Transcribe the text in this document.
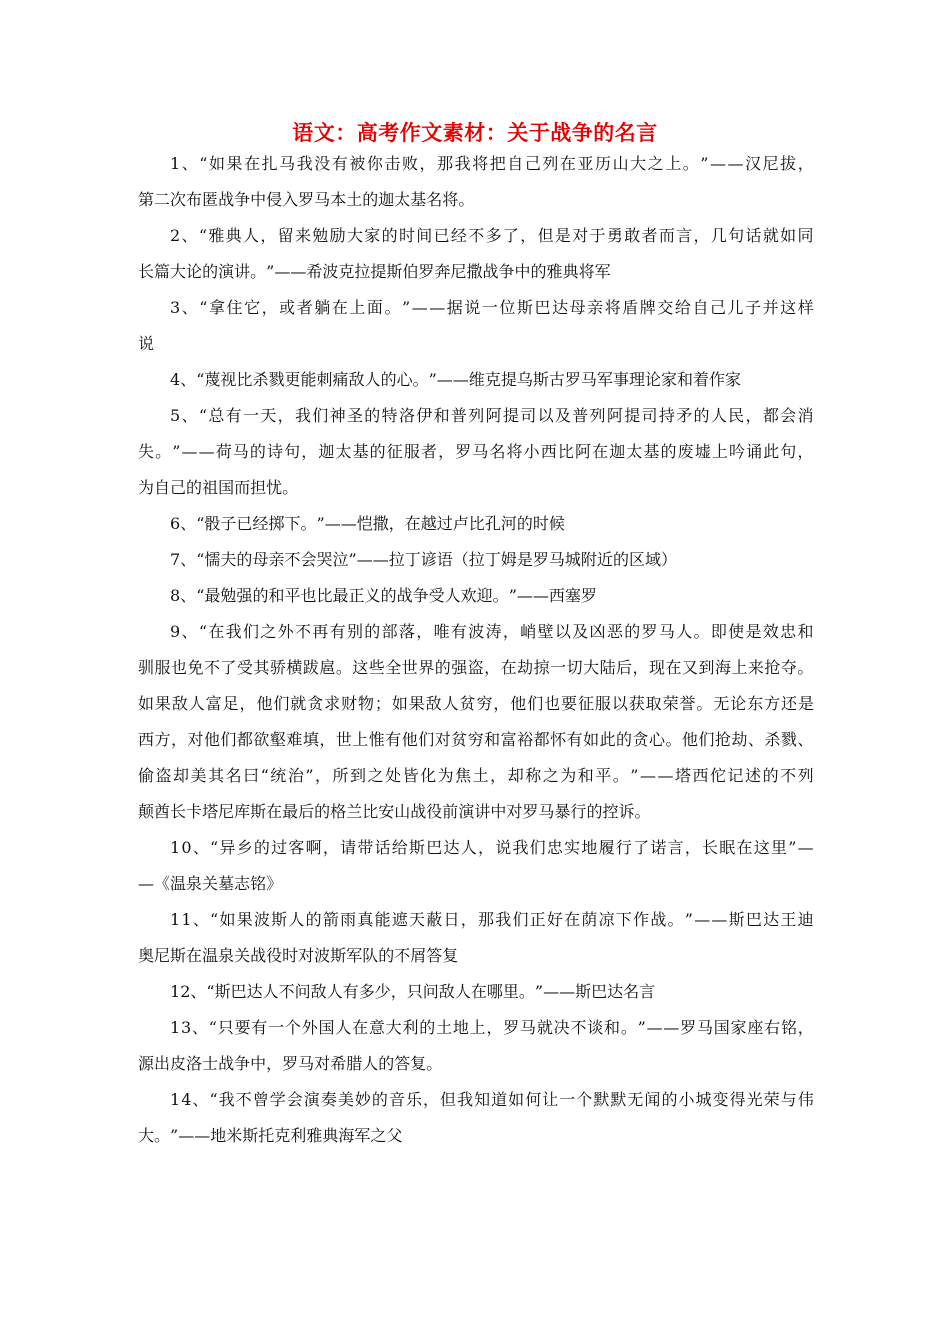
语文：高考作文素材：关于战争的名言
1 、 “ 如 果 在 扎 马 我 没 有 被 你 击 败 ， 那 我 将 把 自 己 列 在 亚 历 山 大 之 上 。 ” — — 汉 尼 拔 ，
第 二 次 布 匿 战 争 中 侵 入 罗 马 本 土 的 迦 太 基 名 将 。
2 、 “ 雅 典 人 ， 留 来 勉 励 大 家 的 时 间 已 经 不 多 了 ， 但 是 对 于 勇 敢 者 而 言 ， 几 句 话 就 如 同
长 篇 大 论 的 演 讲 。 ” — — 希 波 克 拉 提 斯 伯 罗 奔 尼 撒 战 争 中 的 雅 典 将 军
3 、 “ 拿 住 它 ， 或 者 躺 在 上 面 。 ” — — 据 说 一 位 斯 巴 达 母 亲 将 盾 牌 交 给 自 己 儿 子 并 这 样
说
4 、 “ 蔑 视 比 杀 戮 更 能 刺 痛 敌 人 的 心 。 ” — — 维 克 提 乌 斯 古 罗 马 军 事 理 论 家 和 着 作 家
5 、 “ 总 有 一 天 ， 我 们 神 圣 的 特 洛 伊 和 普 列 阿 提 司 以 及 普 列 阿 提 司 持 矛 的 人 民 ， 都 会 消
失 。 ” — — 荷 马 的 诗 句 ， 迦 太 基 的 征 服 者 ， 罗 马 名 将 小 西 比 阿 在 迦 太 基 的 废 墟 上 吟 诵 此 句 ，
为 自 己 的 祖 国 而 担 忧 。
6 、 “ 骰 子 已 经 掷 下 。 ” — — 恺 撒 ， 在 越 过 卢 比 孔 河 的 时 候
7 、 “ 懦 夫 的 母 亲 不 会 哭 泣 ” — — 拉 丁 谚 语 （ 拉 丁 姆 是 罗 马 城 附 近 的 区 域 ）
8 、 “ 最 勉 强 的 和 平 也 比 最 正 义 的 战 争 受 人 欢 迎 。 ” — — 西 塞 罗
9 、 “ 在 我 们 之 外 不 再 有 别 的 部 落 ， 唯 有 波 涛 ， 峭 壁 以 及 凶 恶 的 罗 马 人 。 即 使 是 效 忠 和
驯 服 也 免 不 了 受 其 骄 横 跋 扈 。 这 些 全 世 界 的 强 盗 ， 在 劫 掠 一 切 大 陆 后 ， 现 在 又 到 海 上 来 抢 夺 。
如 果 敌 人 富 足 ， 他 们 就 贪 求 财 物 ； 如 果 敌 人 贫 穷 ， 他 们 也 要 征 服 以 获 取 荣 誉 。 无 论 东 方 还 是
西 方 ， 对 他 们 都 欲 壑 难 填 ， 世 上 惟 有 他 们 对 贫 穷 和 富 裕 都 怀 有 如 此 的 贪 心 。 他 们 抢 劫 、 杀 戮 、
偷 盗 却 美 其 名 曰 “ 统 治 ” ， 所 到 之 处 皆 化 为 焦 土 ， 却 称 之 为 和 平 。 ” — — 塔 西 佗 记 述 的 不 列
颠 酋 长 卡 塔 尼 库 斯 在 最 后 的 格 兰 比 安 山 战 役 前 演 讲 中 对 罗 马 暴 行 的 控 诉 。
1 0 、 “ 异 乡 的 过 客 啊 ， 请 带 话 给 斯 巴 达 人 ， 说 我 们 忠 实 地 履 行 了 诺 言 ， 长 眠 在 这 里 ” —
— 《 温 泉 关 墓 志 铭 》
1 1 、 “ 如 果 波 斯 人 的 箭 雨 真 能 遮 天 蔽 日 ， 那 我 们 正 好 在 荫 凉 下 作 战 。 ” — — 斯 巴 达 王 迪
奥 尼 斯 在 温 泉 关 战 役 时 对 波 斯 军 队 的 不 屑 答 复
1 2 、 “ 斯 巴 达 人 不 问 敌 人 有 多 少 ， 只 问 敌 人 在 哪 里 。 ” — — 斯 巴 达 名 言
1 3 、 “ 只 要 有 一 个 外 国 人 在 意 大 利 的 土 地 上 ， 罗 马 就 决 不 谈 和 。 ” — — 罗 马 国 家 座 右 铭 ，
源 出 皮 洛 士 战 争 中 ， 罗 马 对 希 腊 人 的 答 复 。
1 4 、 “ 我 不 曾 学 会 演 奏 美 妙 的 音 乐 ， 但 我 知 道 如 何 让 一 个 默 默 无 闻 的 小 城 变 得 光 荣 与 伟
大 。 ” — — 地 米 斯 托 克 利 雅 典 海 军 之 父
